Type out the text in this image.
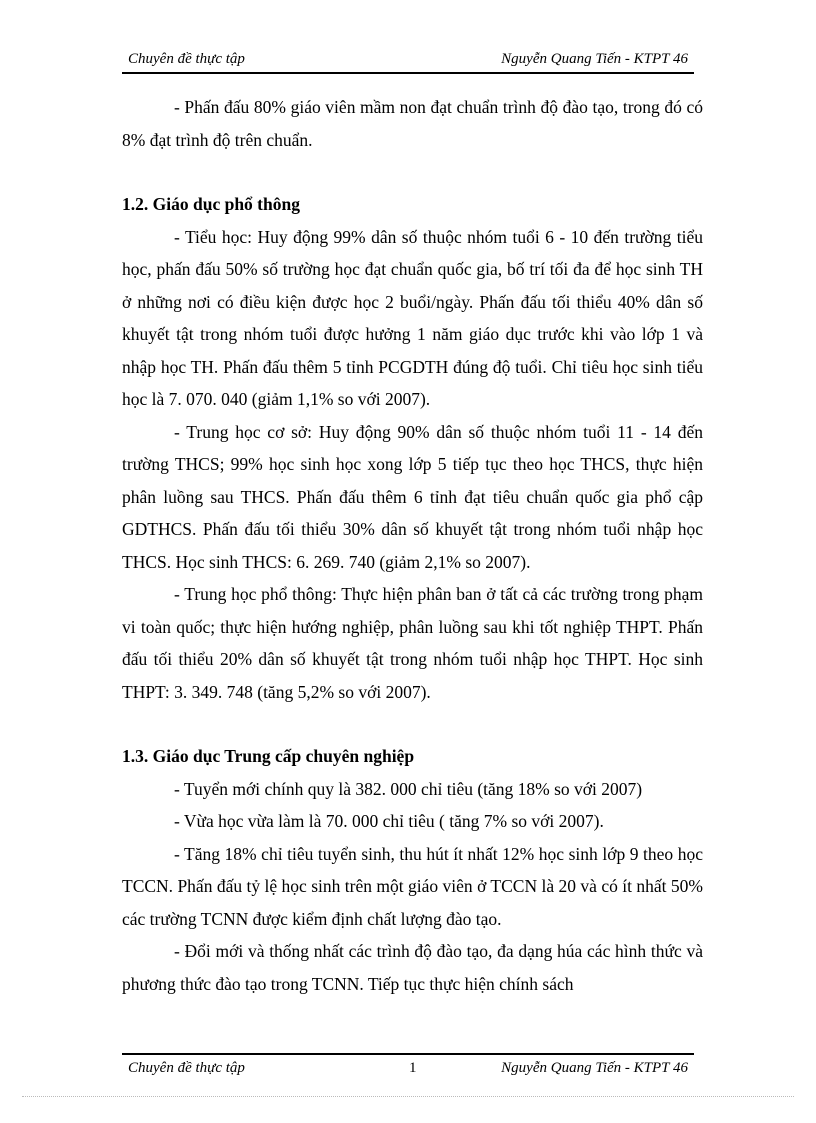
Chuyên đề thực tập	Nguyễn Quang Tiến - KTPT 46

- Phấn đấu 80% giáo viên mầm non đạt chuẩn trình độ đào tạo, trong đó có 8% đạt trình độ trên chuẩn.

1.2. Giáo dục phổ thông

- Tiểu học: Huy động 99% dân số thuộc nhóm tuổi 6 - 10 đến trường tiểu học, phấn đấu 50% số trường học đạt chuẩn quốc gia, bố trí tối đa để học sinh TH ở những nơi có điều kiện được học 2 buổi/ngày. Phấn đấu tối thiểu 40% dân số khuyết tật trong nhóm tuổi được hưởng 1 năm giáo dục trước khi vào lớp 1 và nhập học TH. Phấn đấu thêm 5 tỉnh PCGDTH đúng độ tuổi. Chỉ tiêu học sinh tiểu học là 7. 070. 040 (giảm 1,1% so với 2007).

- Trung học cơ sở: Huy động 90% dân số thuộc nhóm tuổi 11 - 14 đến trường THCS; 99% học sinh học xong lớp 5 tiếp tục theo học THCS, thực hiện phân luồng sau THCS. Phấn đấu thêm 6 tỉnh đạt tiêu chuẩn quốc gia phổ cập GDTHCS. Phấn đấu tối thiểu 30% dân số khuyết tật trong nhóm tuổi nhập học THCS. Học sinh THCS: 6. 269. 740 (giảm 2,1% so 2007).

- Trung học phổ thông: Thực hiện phân ban ở tất cả các trường trong phạm vi toàn quốc; thực hiện hướng nghiệp, phân luồng sau khi tốt nghiệp THPT. Phấn đấu tối thiểu 20% dân số khuyết tật trong nhóm tuổi nhập học THPT. Học sinh THPT: 3. 349. 748 (tăng 5,2% so với 2007).

1.3. Giáo dục Trung cấp chuyên nghiệp

- Tuyển mới chính quy là 382. 000 chỉ tiêu (tăng 18% so với 2007)

- Vừa học vừa làm là 70. 000 chỉ tiêu ( tăng 7% so với 2007).

- Tăng 18% chỉ tiêu tuyển sinh, thu hút ít nhất 12% học sinh lớp 9 theo học TCCN. Phấn đấu tỷ lệ học sinh trên một giáo viên ở TCCN là 20 và có ít nhất 50% các trường TCNN được kiểm định chất lượng đào tạo.

- Đổi mới và thống nhất các trình độ đào tạo, đa dạng húa các hình thức và phương thức đào tạo trong TCNN. Tiếp tục thực hiện chính sách

Chuyên đề thực tập	1	Nguyễn Quang Tiến - KTPT 46
